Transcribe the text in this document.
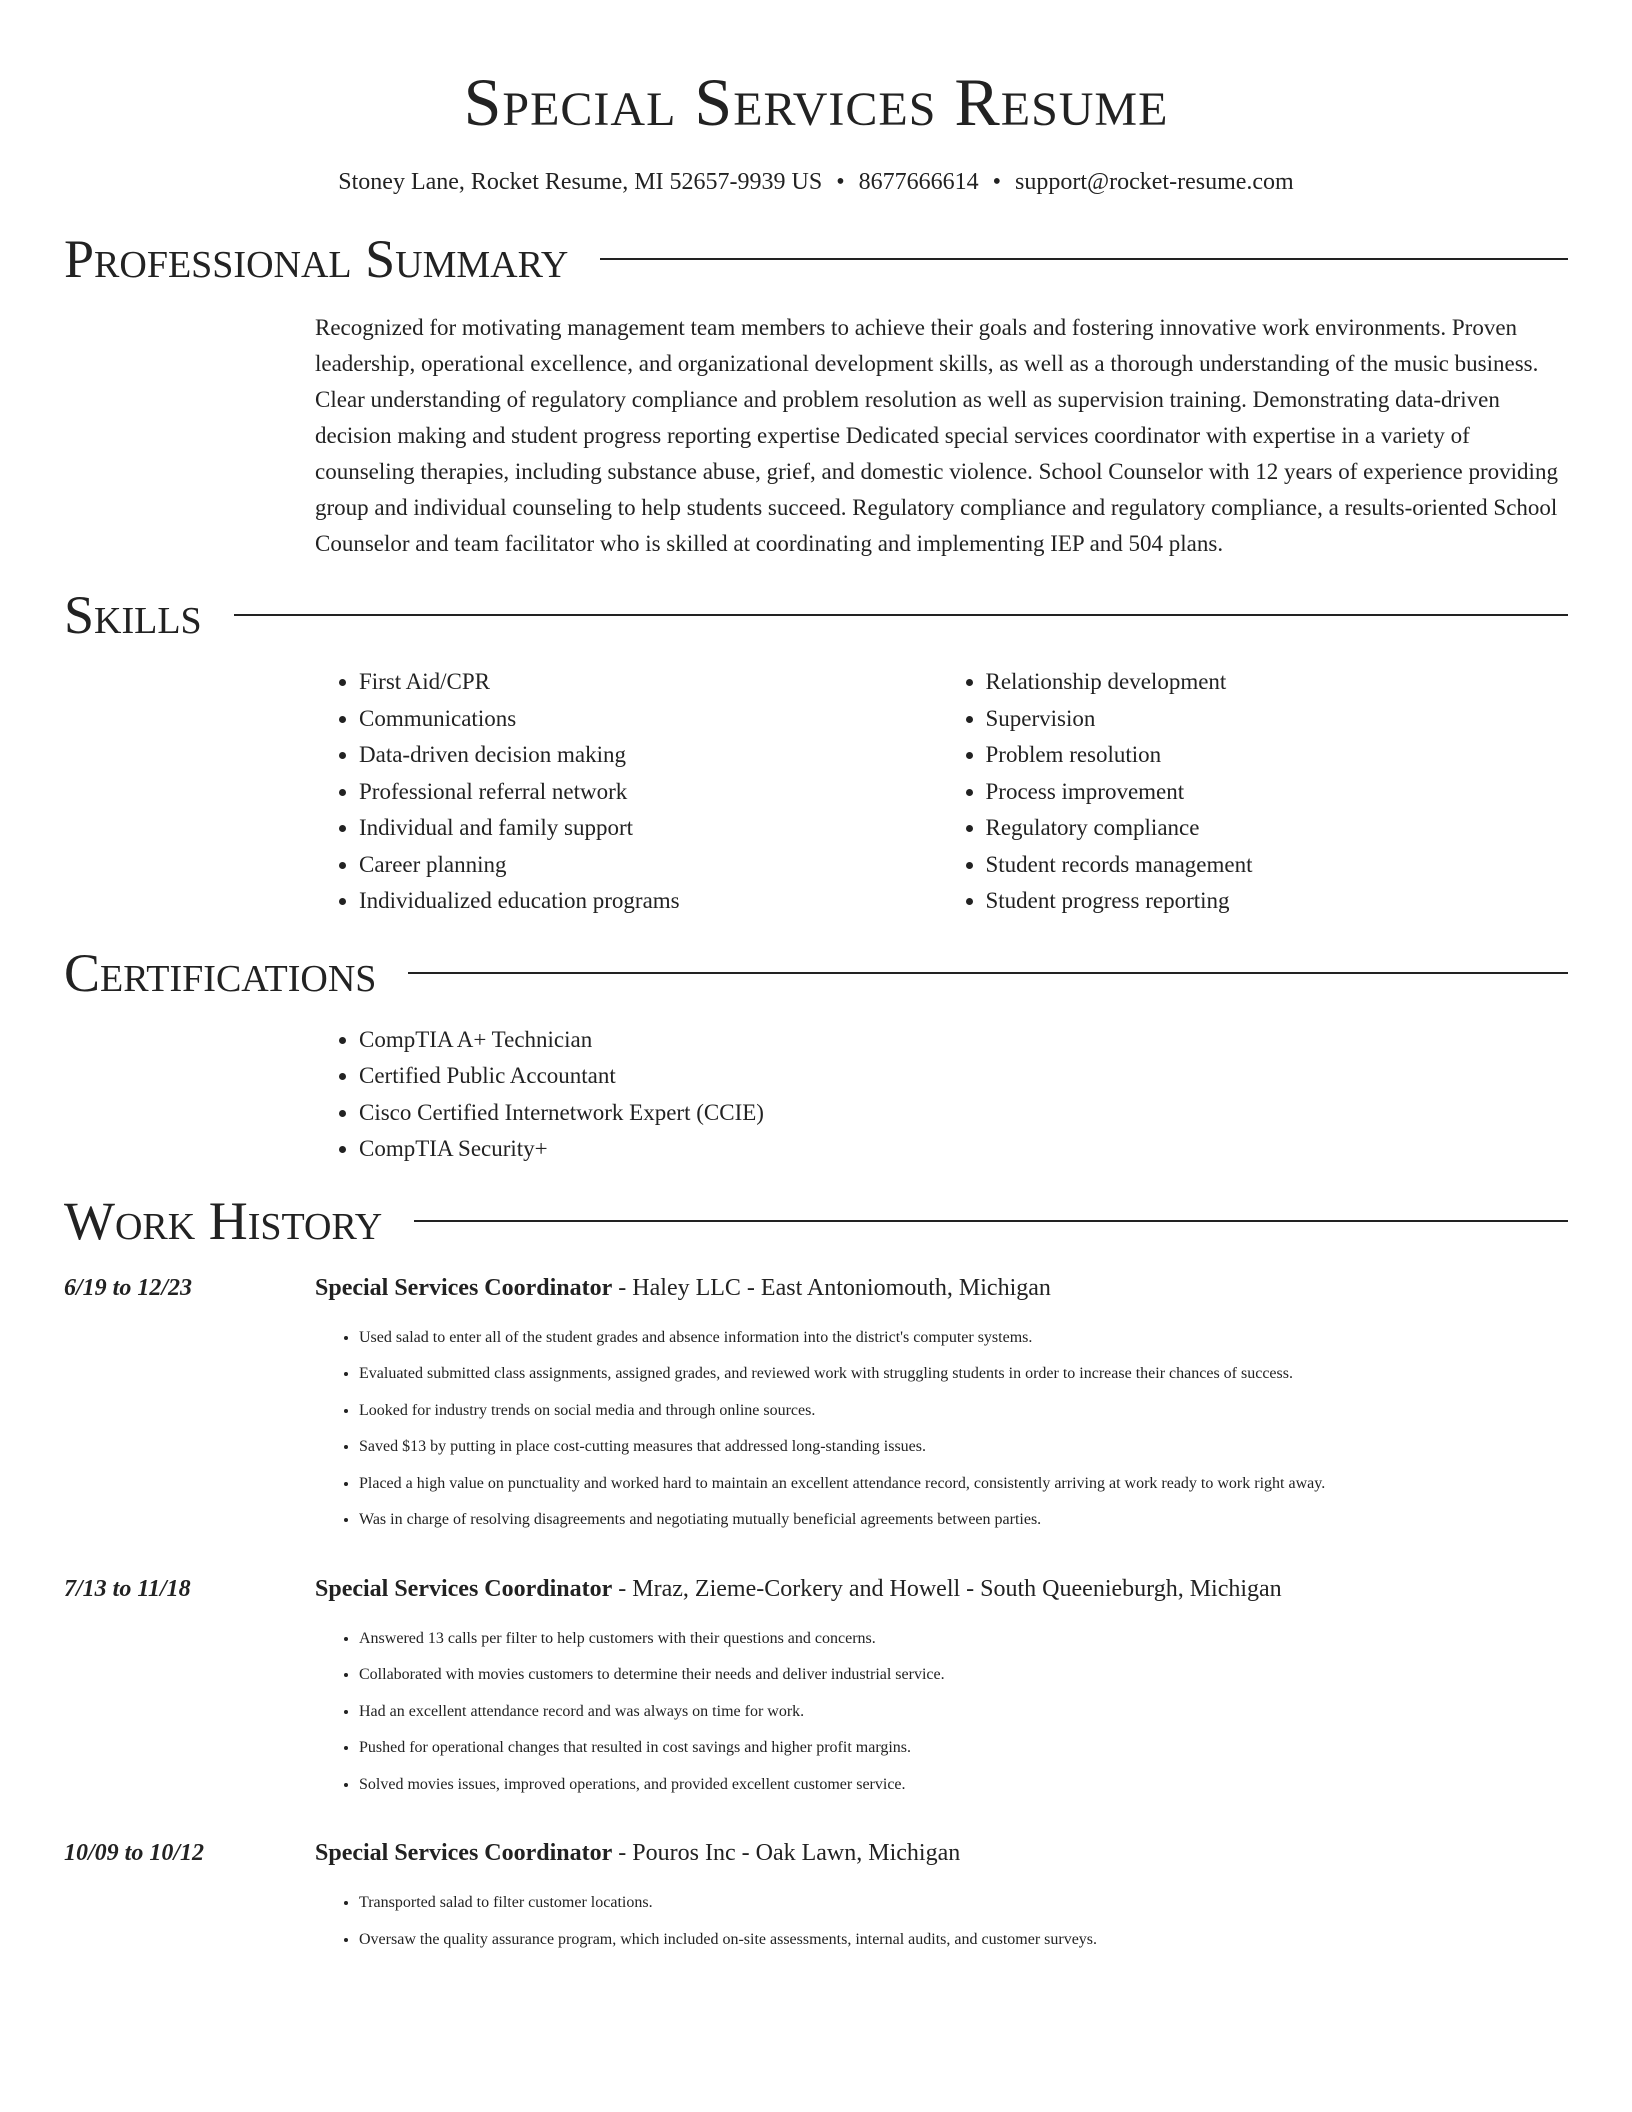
Special Services Resume
Stoney Lane, Rocket Resume, MI 52657-9939 US • 8677666614 • support@rocket-resume.com
Professional Summary
Recognized for motivating management team members to achieve their goals and fostering innovative work environments. Proven leadership, operational excellence, and organizational development skills, as well as a thorough understanding of the music business. Clear understanding of regulatory compliance and problem resolution as well as supervision training. Demonstrating data-driven decision making and student progress reporting expertise Dedicated special services coordinator with expertise in a variety of counseling therapies, including substance abuse, grief, and domestic violence. School Counselor with 12 years of experience providing group and individual counseling to help students succeed. Regulatory compliance and regulatory compliance, a results-oriented School Counselor and team facilitator who is skilled at coordinating and implementing IEP and 504 plans.
Skills
• First Aid/CPR
• Communications
• Data-driven decision making
• Professional referral network
• Individual and family support
• Career planning
• Individualized education programs
• Relationship development
• Supervision
• Problem resolution
• Process improvement
• Regulatory compliance
• Student records management
• Student progress reporting
Certifications
• CompTIA A+ Technician
• Certified Public Accountant
• Cisco Certified Internetwork Expert (CCIE)
• CompTIA Security+
Work History
6/19 to 12/23	Special Services Coordinator - Haley LLC - East Antoniomouth, Michigan
• Used salad to enter all of the student grades and absence information into the district's computer systems.
• Evaluated submitted class assignments, assigned grades, and reviewed work with struggling students in order to increase their chances of success.
• Looked for industry trends on social media and through online sources.
• Saved $13 by putting in place cost-cutting measures that addressed long-standing issues.
• Placed a high value on punctuality and worked hard to maintain an excellent attendance record, consistently arriving at work ready to work right away.
• Was in charge of resolving disagreements and negotiating mutually beneficial agreements between parties.
7/13 to 11/18	Special Services Coordinator - Mraz, Zieme-Corkery and Howell - South Queenieburgh, Michigan
• Answered 13 calls per filter to help customers with their questions and concerns.
• Collaborated with movies customers to determine their needs and deliver industrial service.
• Had an excellent attendance record and was always on time for work.
• Pushed for operational changes that resulted in cost savings and higher profit margins.
• Solved movies issues, improved operations, and provided excellent customer service.
10/09 to 10/12	Special Services Coordinator - Pouros Inc - Oak Lawn, Michigan
• Transported salad to filter customer locations.
• Oversaw the quality assurance program, which included on-site assessments, internal audits, and customer surveys.
